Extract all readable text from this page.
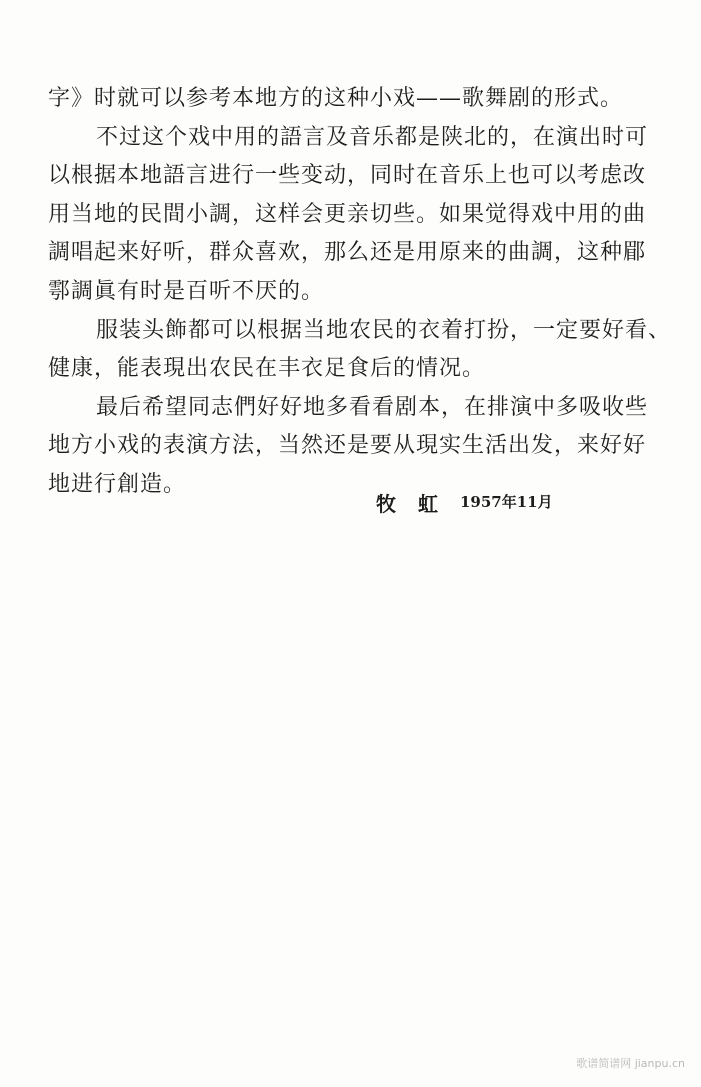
字》时就可以参考本地方的这种小戏——歌舞剧的形式。

不过这个戏中用的語言及音乐都是陕北的，在演出时可

以根据本地語言进行一些变动，同时在音乐上也可以考虑改

用当地的民間小調，这样会更亲切些。如果觉得戏中用的曲

調唱起来好听，群众喜欢，那么还是用原来的曲調，这种郿

鄠調眞有时是百听不厌的。

服装头飾都可以根据当地农民的衣着打扮，一定要好看、

健康，能表現出农民在丰衣足食后的情况。

最后希望同志們好好地多看看剧本，在排演中多吸收些

地方小戏的表演方法，当然还是要从現实生活出发，来好好

地进行創造。

牧虹 1957年11月
歌谱简谱网 jianpu.cn
